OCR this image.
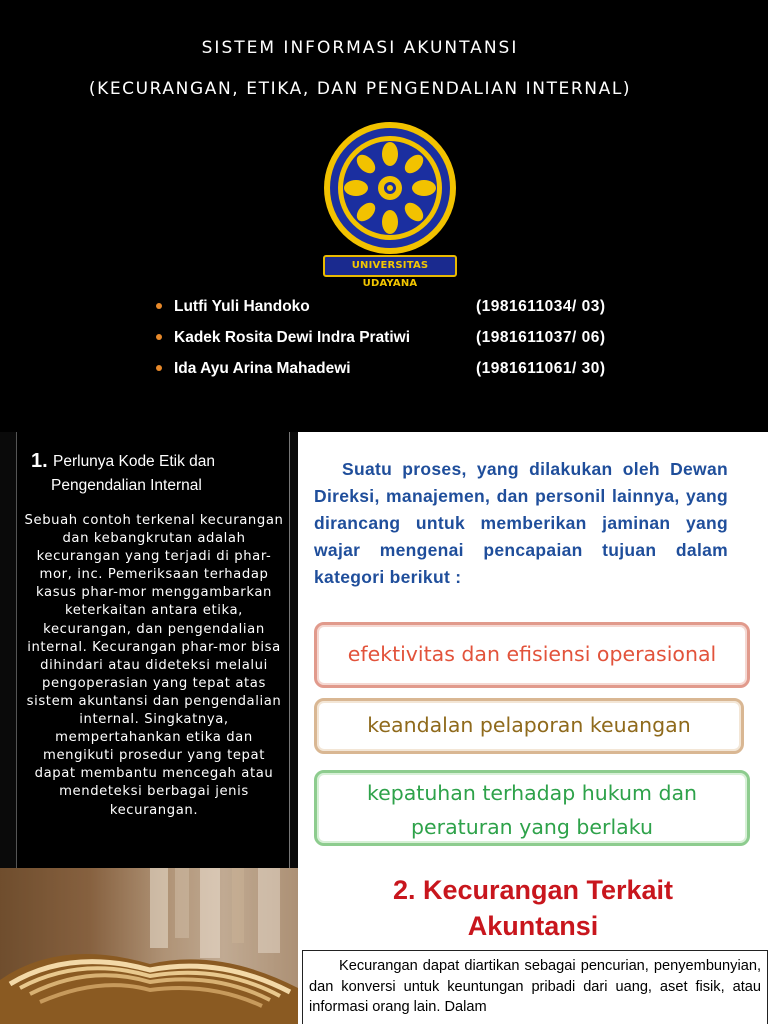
SISTEM INFORMASI AKUNTANSI
(KECURANGAN, ETIKA, DAN PENGENDALIAN INTERNAL)
UNIVERSITAS UDAYANA
Lutfi Yuli Handoko	(1981611034/ 03)
Kadek Rosita Dewi Indra Pratiwi	(1981611037/ 06)
Ida Ayu Arina Mahadewi	(1981611061/ 30)
1. Perlunya Kode Etik dan
Pengendalian Internal

Sebuah contoh terkenal kecurangan dan kebangkrutan adalah kecurangan yang terjadi di phar-mor, inc. Pemeriksaan terhadap kasus phar-mor menggambarkan keterkaitan antara etika, kecurangan, dan pengendalian internal. Kecurangan phar-mor bisa dihindari atau dideteksi melalui pengoperasian yang tepat atas sistem akuntansi dan pengendalian internal. Singkatnya, mempertahankan etika dan mengikuti prosedur yang tepat dapat membantu mencegah atau mendeteksi berbagai jenis kecurangan.

Suatu proses, yang dilakukan oleh Dewan Direksi, manajemen, dan personil lainnya, yang dirancang untuk memberikan jaminan yang wajar mengenai pencapaian tujuan dalam kategori berikut :

efektivitas dan efisiensi operasional
keandalan pelaporan keuangan
kepatuhan terhadap hukum dan peraturan yang berlaku
2. Kecurangan Terkait
Akuntansi

Kecurangan dapat diartikan sebagai pencurian, penyembunyian, dan konversi untuk keuntungan pribadi dari uang, aset fisik, atau informasi orang lain. Dalam
